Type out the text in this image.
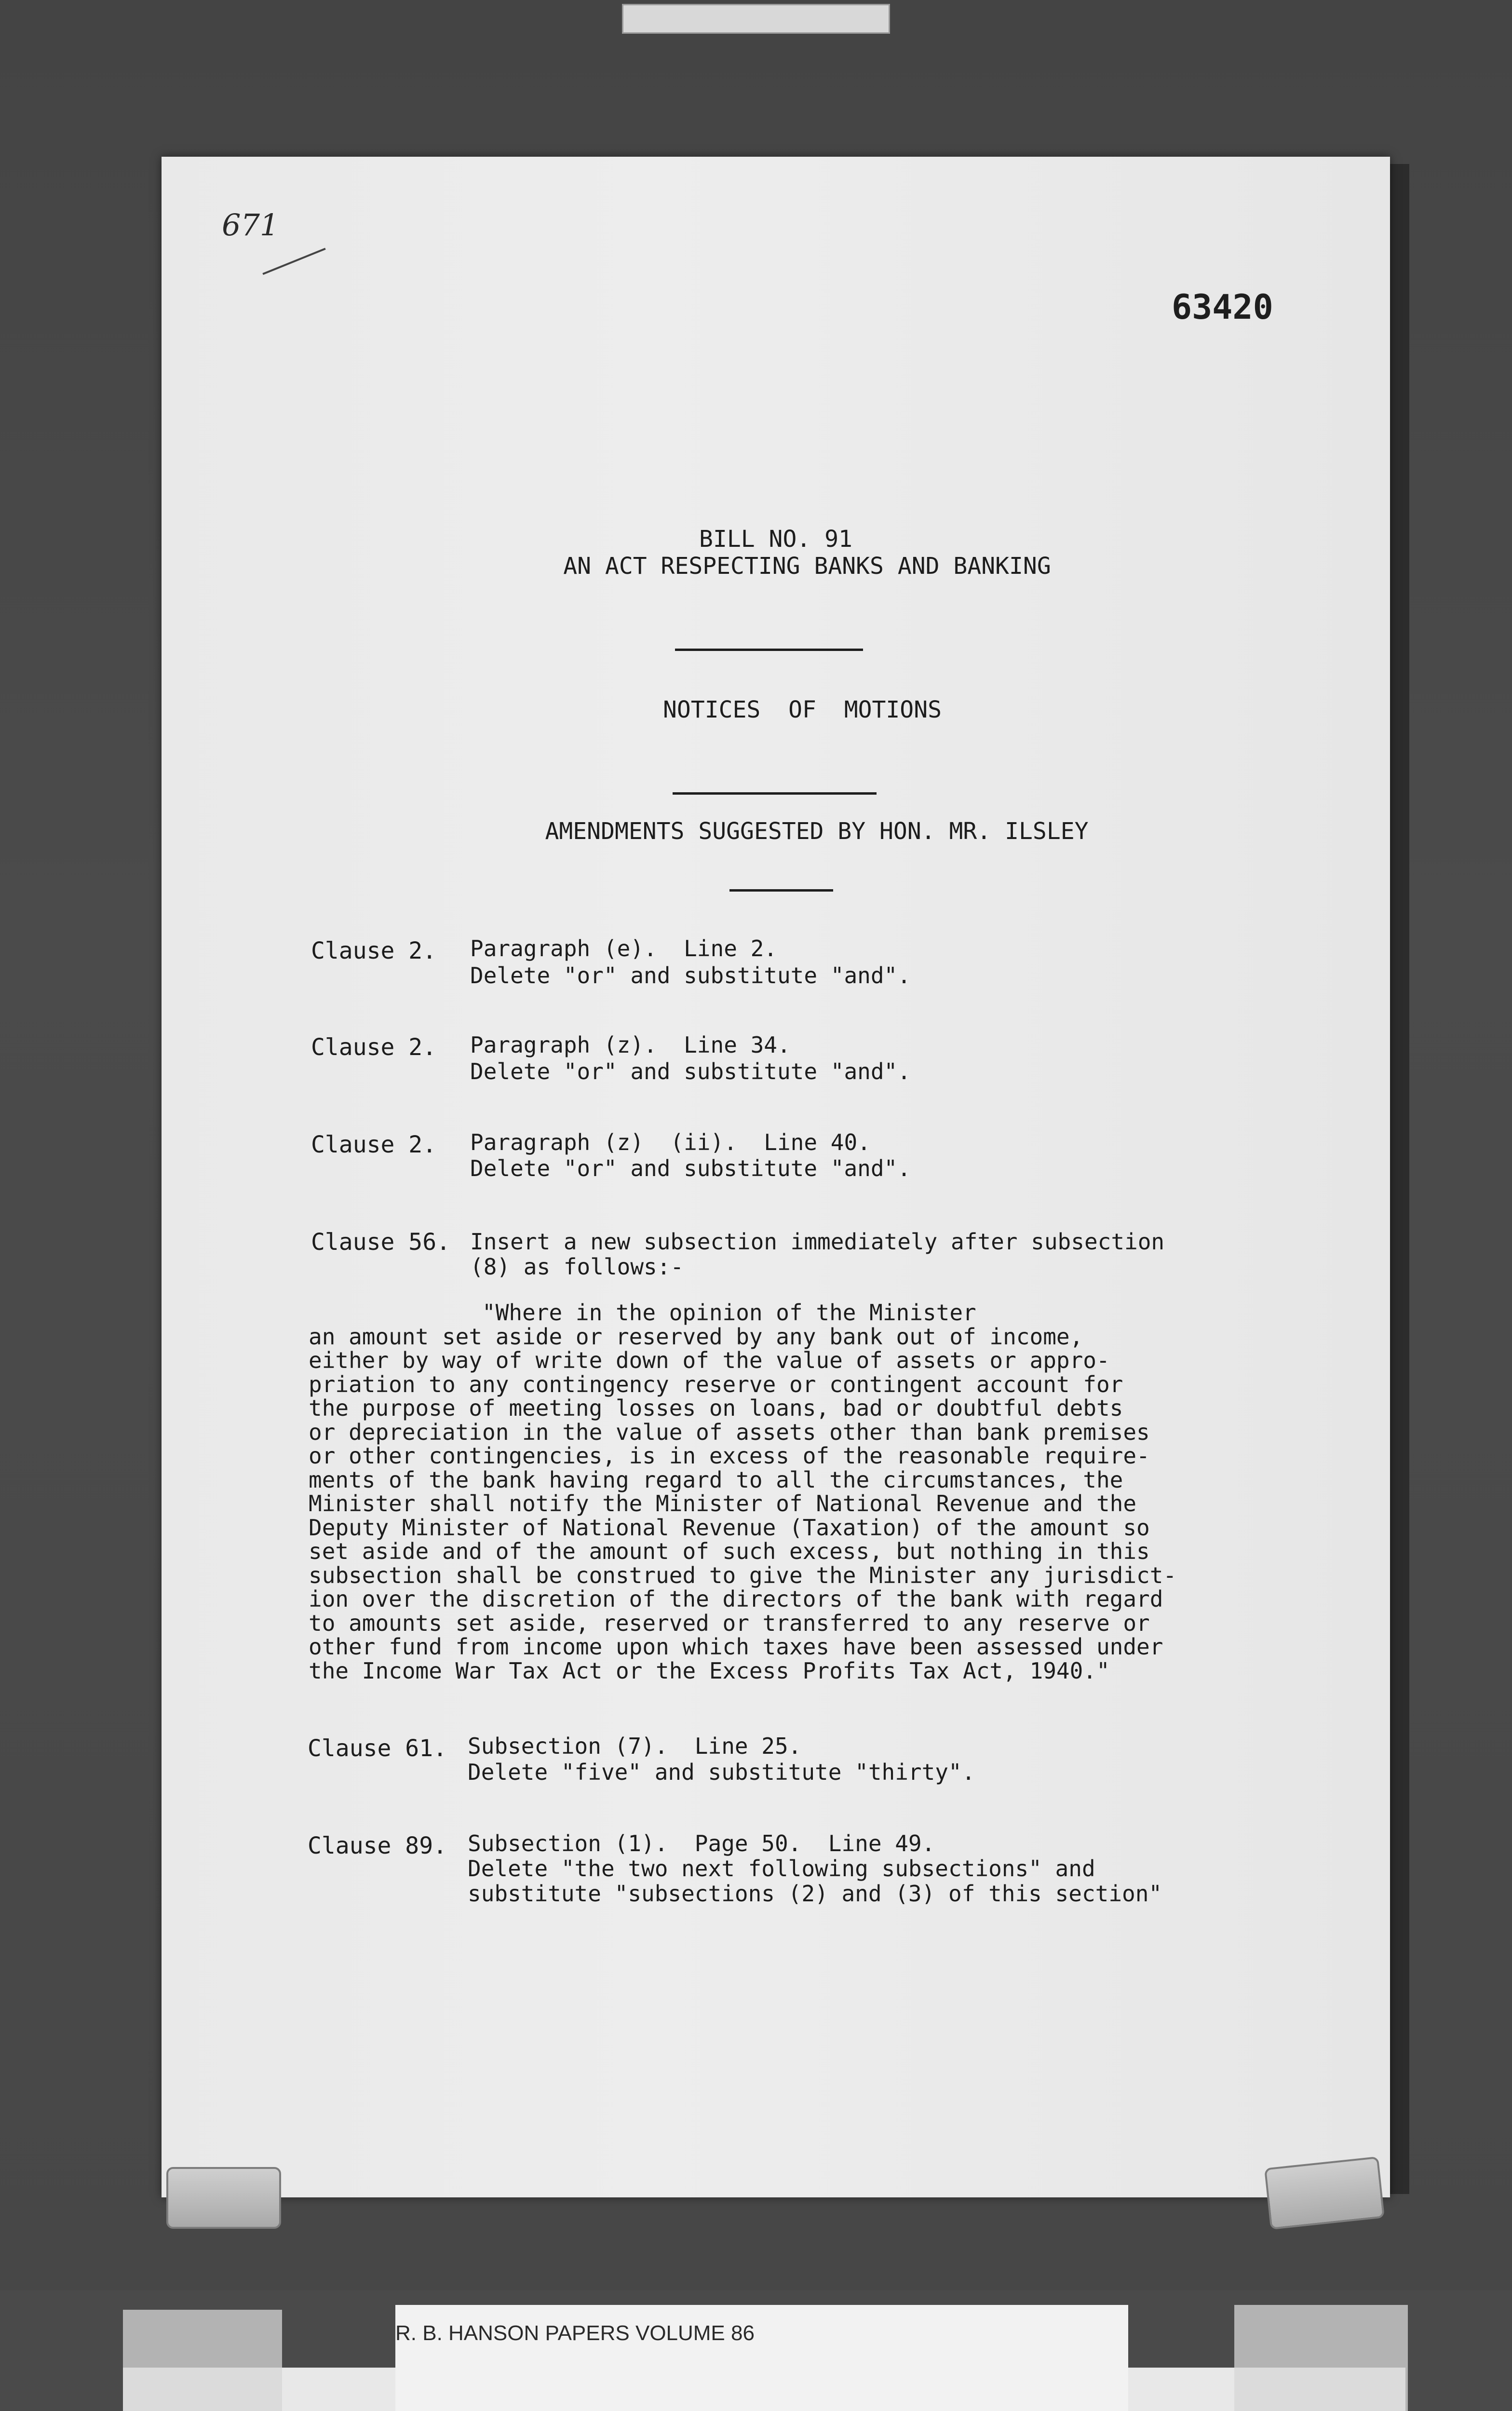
671
63420
BILL NO. 91
AN ACT RESPECTING BANKS AND BANKING
NOTICES  OF  MOTIONS
AMENDMENTS SUGGESTED BY HON. MR. ILSLEY
Clause 2. Paragraph (e).  Line 2.
Delete "or" and substitute "and".
Clause 2. Paragraph (z).  Line 34.
Delete "or" and substitute "and".
Clause 2. Paragraph (z)  (ii).  Line 40.
Delete "or" and substitute "and".
Clause 56. Insert a new subsection immediately after subsection
(8) as follows:-
"Where in the opinion of the Minister
an amount set aside or reserved by any bank out of income,
either by way of write down of the value of assets or appro-
priation to any contingency reserve or contingent account for
the purpose of meeting losses on loans, bad or doubtful debts
or depreciation in the value of assets other than bank premises
or other contingencies, is in excess of the reasonable require-
ments of the bank having regard to all the circumstances, the
Minister shall notify the Minister of National Revenue and the
Deputy Minister of National Revenue (Taxation) of the amount so
set aside and of the amount of such excess, but nothing in this
subsection shall be construed to give the Minister any jurisdict-
ion over the discretion of the directors of the bank with regard
to amounts set aside, reserved or transferred to any reserve or
other fund from income upon which taxes have been assessed under
the Income War Tax Act or the Excess Profits Tax Act, 1940."
Clause 61. Subsection (7).  Line 25.
Delete "five" and substitute "thirty".
Clause 89. Subsection (1).  Page 50.  Line 49.
Delete "the two next following subsections" and
substitute "subsections (2) and (3) of this section"
R. B. HANSON PAPERS VOLUME 86
